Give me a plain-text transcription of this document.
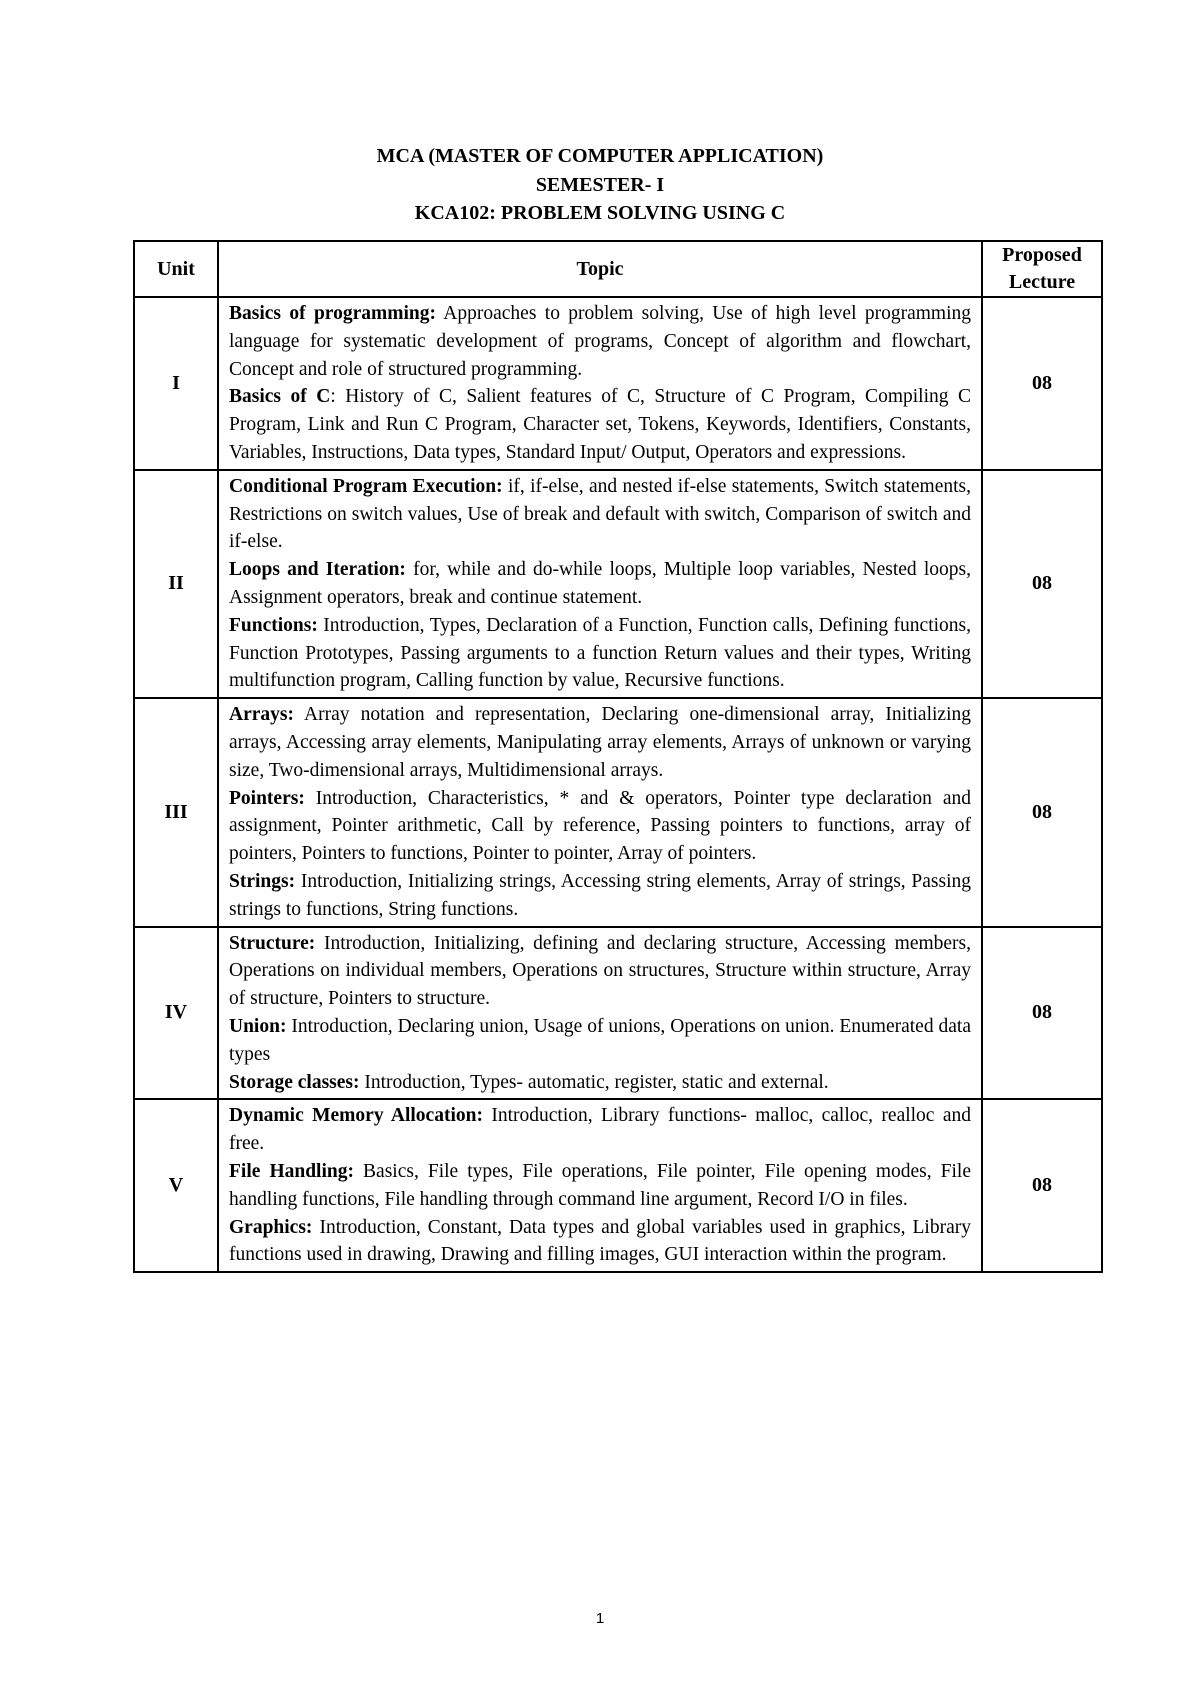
MCA (MASTER OF COMPUTER APPLICATION)
SEMESTER- I
KCA102: PROBLEM SOLVING USING C
Unit	Topic	Proposed
Lecture
I	Basics of programming: Approaches to problem solving, Use of high level programming language for systematic development of programs, Concept of algorithm and flowchart, Concept and role of structured programming.

Basics of C: History of C, Salient features of C, Structure of C Program, Compiling C Program, Link and Run C Program, Character set, Tokens, Keywords, Identifiers, Constants, Variables, Instructions, Data types, Standard Input/ Output, Operators and expressions.	08
II	Conditional Program Execution: if, if-else, and nested if-else statements, Switch statements, Restrictions on switch values, Use of break and default with switch, Comparison of switch and if-else.

Loops and Iteration: for, while and do-while loops, Multiple loop variables, Nested loops, Assignment operators, break and continue statement.

Functions: Introduction, Types, Declaration of a Function, Function calls, Defining functions, Function Prototypes, Passing arguments to a function Return values and their types, Writing multifunction program, Calling function by value, Recursive functions.	08
III	Arrays: Array notation and representation, Declaring one-dimensional array, Initializing arrays, Accessing array elements, Manipulating array elements, Arrays of unknown or varying size, Two-dimensional arrays, Multidimensional arrays.

Pointers: Introduction, Characteristics, * and & operators, Pointer type declaration and assignment, Pointer arithmetic, Call by reference, Passing pointers to functions, array of pointers, Pointers to functions, Pointer to pointer, Array of pointers.

Strings: Introduction, Initializing strings, Accessing string elements, Array of strings, Passing strings to functions, String functions.	08
IV	Structure: Introduction, Initializing, defining and declaring structure, Accessing members, Operations on individual members, Operations on structures, Structure within structure, Array of structure, Pointers to structure.

Union: Introduction, Declaring union, Usage of unions, Operations on union. Enumerated data types

Storage classes: Introduction, Types- automatic, register, static and external.	08
V	Dynamic Memory Allocation: Introduction, Library functions- malloc, calloc, realloc and free.

File Handling: Basics, File types, File operations, File pointer, File opening modes, File handling functions, File handling through command line argument, Record I/O in files.

Graphics: Introduction, Constant, Data types and global variables used in graphics, Library functions used in drawing, Drawing and filling images, GUI interaction within the program.	08
1
